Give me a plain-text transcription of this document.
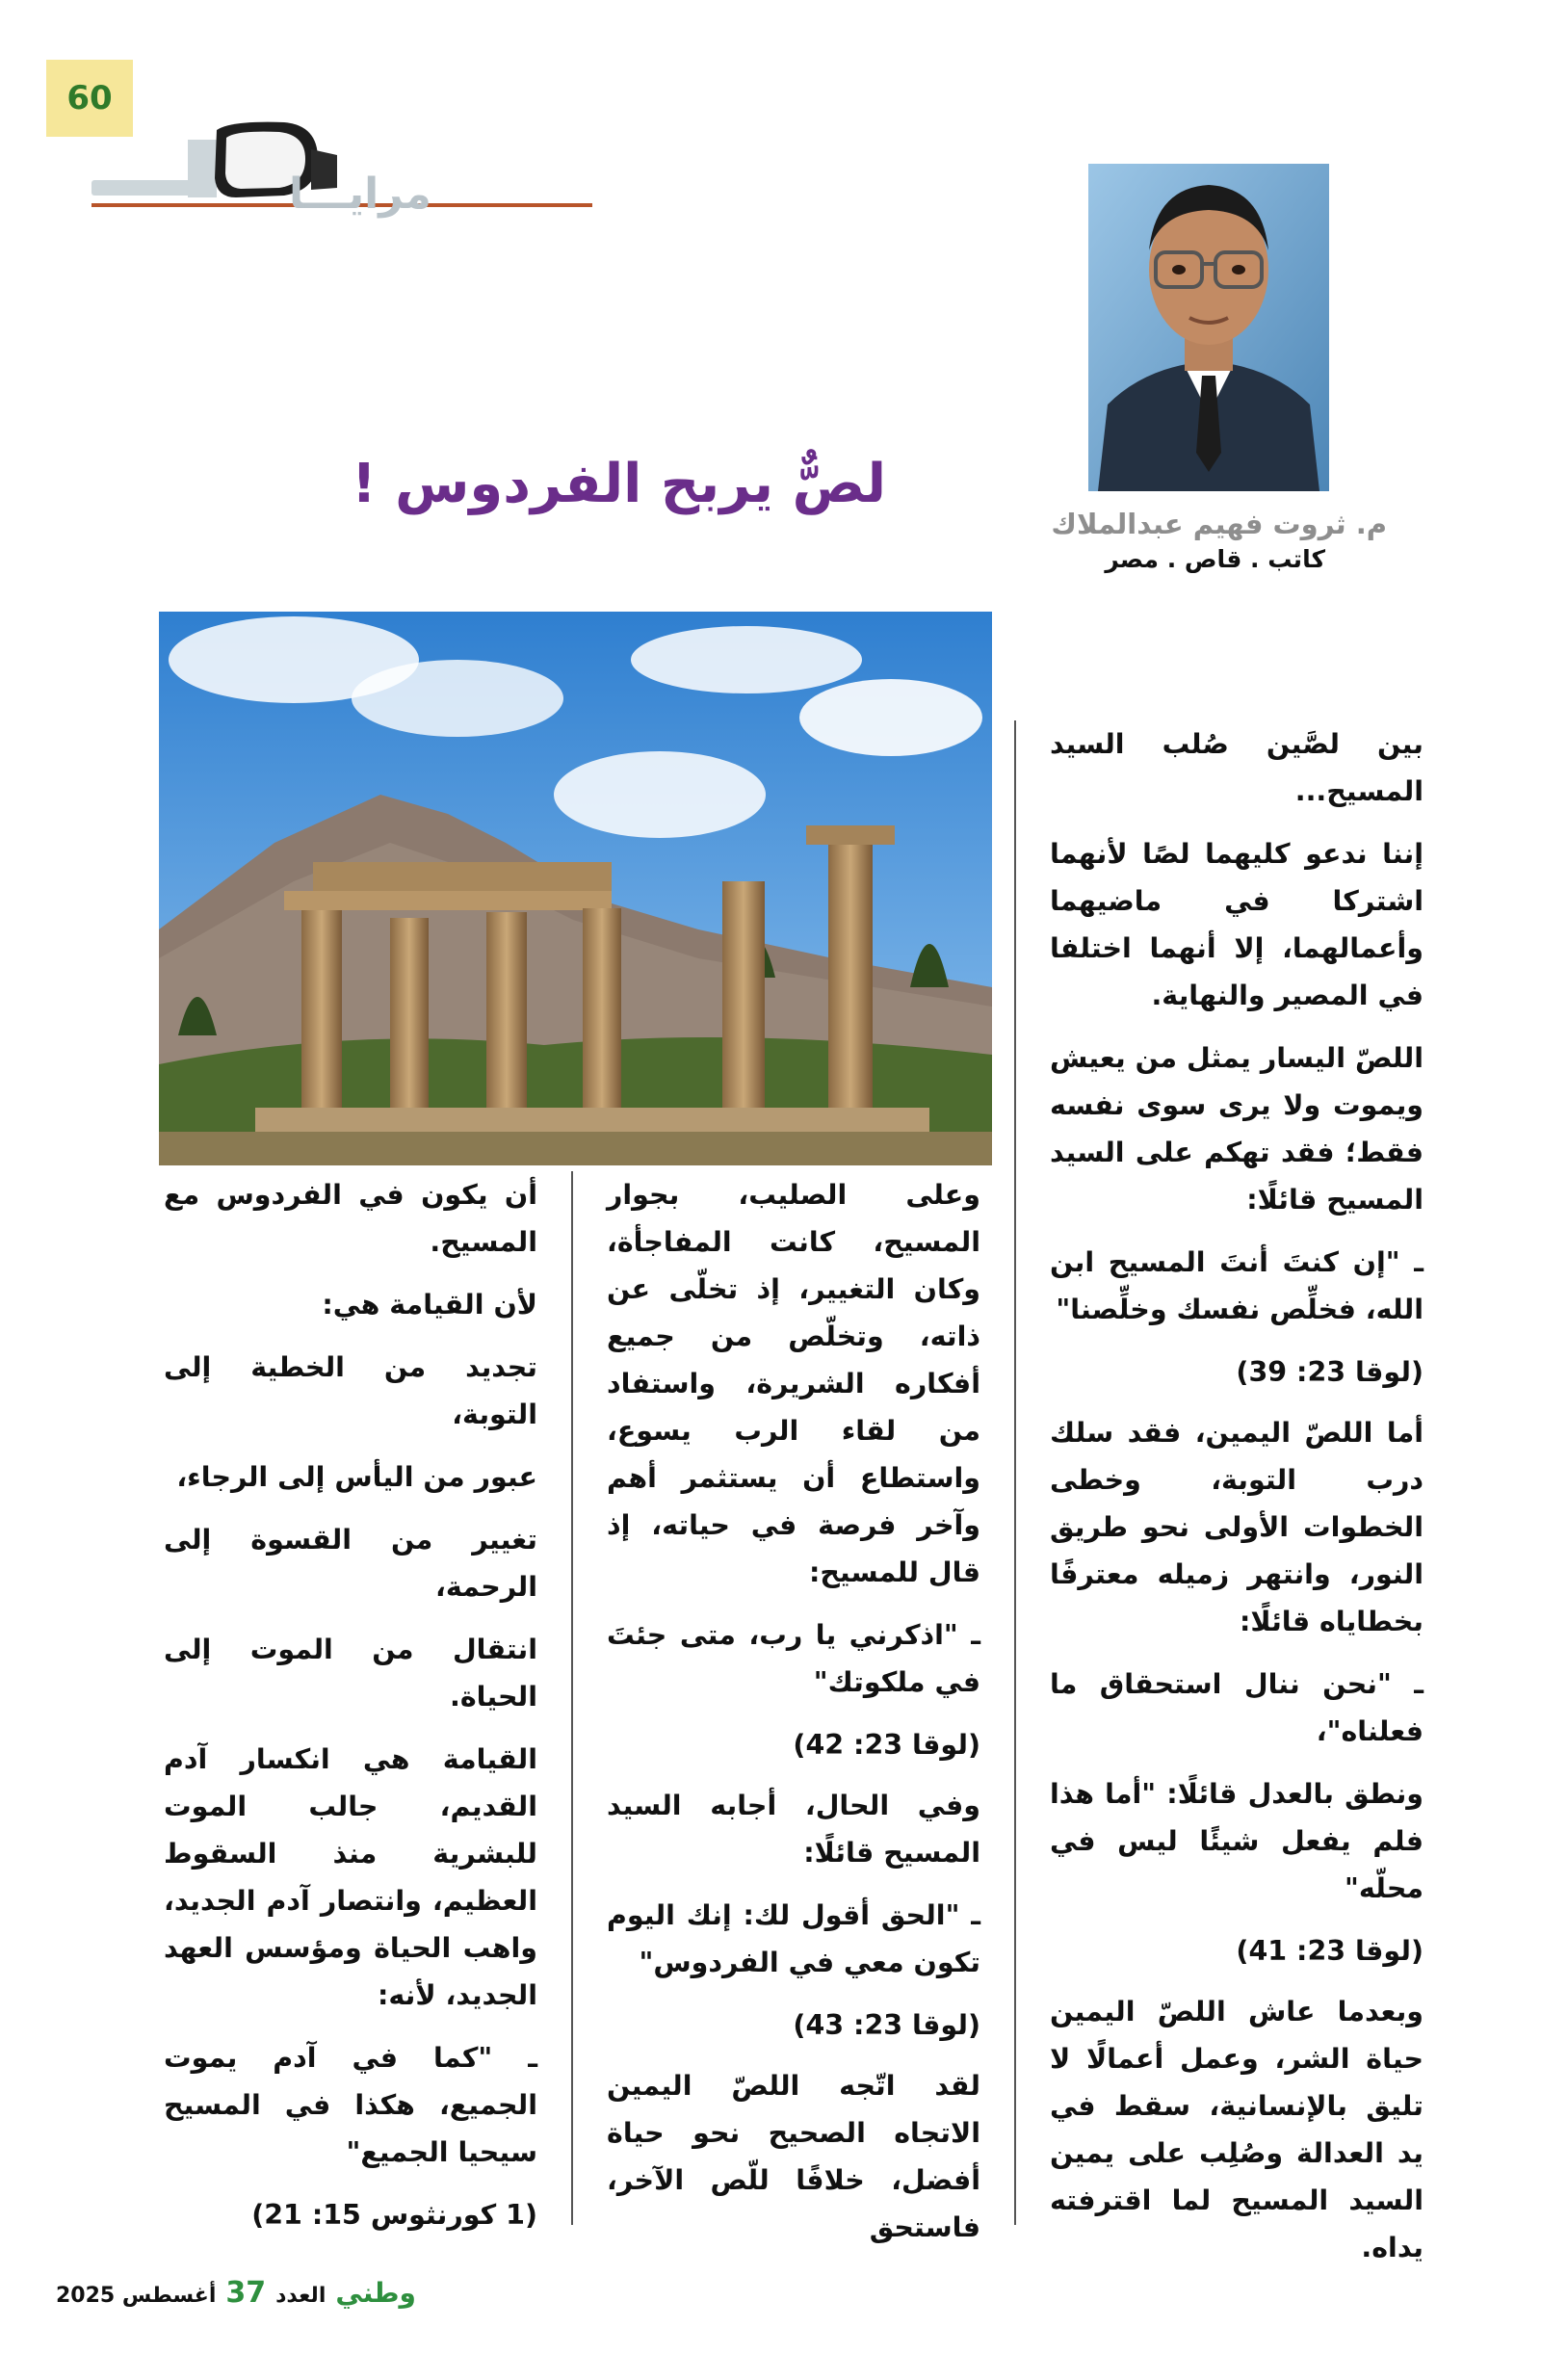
60
مرايـــا
م. ثروت فهيم عبدالملاك
كاتب . قاص . مصر
لصٌّ يربح الفردوس !

بين لصَّين صُلب السيد المسيح...

إننا ندعو كليهما لصًا لأنهما اشتركا في ماضيهما وأعمالهما، إلا أنهما اختلفا في المصير والنهاية.

اللصّ اليسار يمثل من يعيش ويموت ولا يرى سوى نفسه فقط؛ فقد تهكم على السيد المسيح قائلًا:

ـ "إن كنتَ أنتَ المسيح ابن الله، فخلِّص نفسك وخلِّصنا"

(لوقا 23: 39)

أما اللصّ اليمين، فقد سلك درب التوبة، وخطى الخطوات الأولى نحو طريق النور، وانتهر زميله معترفًا بخطاياه قائلًا:

ـ "نحن ننال استحقاق ما فعلناه"،

ونطق بالعدل قائلًا: "أما هذا فلم يفعل شيئًا ليس في محلّه"

(لوقا 23: 41)

وبعدما عاش اللصّ اليمين حياة الشر، وعمل أعمالًا لا تليق بالإنسانية، سقط في يد العدالة وصُلِب على يمين السيد المسيح لما اقترفته يداه.

وعلى الصليب، بجوار المسيح، كانت المفاجأة، وكان التغيير، إذ تخلّى عن ذاته، وتخلّص من جميع أفكاره الشريرة، واستفاد من لقاء الرب يسوع، واستطاع أن يستثمر أهم وآخر فرصة في حياته، إذ قال للمسيح:

ـ "اذكرني يا رب، متى جئتَ في ملكوتك"

(لوقا 23: 42)

وفي الحال، أجابه السيد المسيح قائلًا:

ـ "الحق أقول لك: إنك اليوم تكون معي في الفردوس"

(لوقا 23: 43)

لقد اتّجه اللصّ اليمين الاتجاه الصحيح نحو حياة أفضل، خلافًا للّص الآخر، فاستحق

أن يكون في الفردوس مع المسيح.

لأن القيامة هي:

تجديد من الخطية إلى التوبة،

عبور من اليأس إلى الرجاء،

تغيير من القسوة إلى الرحمة،

انتقال من الموت إلى الحياة.

القيامة هي انكسار آدم القديم، جالب الموت للبشرية منذ السقوط العظيم، وانتصار آدم الجديد، واهب الحياة ومؤسس العهد الجديد، لأنه:

ـ "كما في آدم يموت الجميع، هكذا في المسيح سيحيا الجميع"

(1 كورنثوس 15: 21)

وطني
العدد
37
أغسطس 2025
